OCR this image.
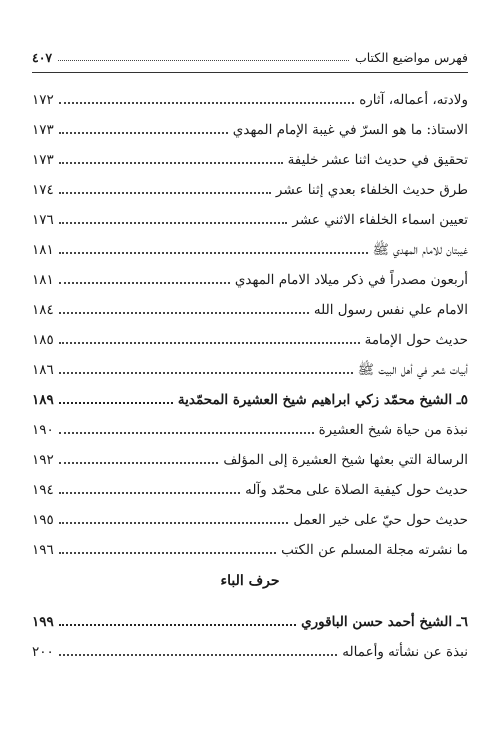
فهرس مواضيع الكتاب
٤٠٧
ولادته، أعماله، آثاره
١٧٢
الاستاذ: ما هو السرّ في غيبة الإمام المهدي
١٧٣
تحقيق في حديث اثنا عشر خليفة
١٧٣
طرق حديث الخلفاء بعدي إثنا عشر
١٧٤
تعيين اسماء الخلفاء الاثني عشر
١٧٦
غيبتان للامام المهدي ﷺ
١٨١
أربعون مصدراً في ذكر ميلاد الامام المهدي
١٨١
الامام علي نفس رسول الله
١٨٤
حديث حول الإمامة
١٨٥
أبيات شعر في أهل البيت ﷺ
١٨٦
٥ـ الشيخ محمّد زكي ابراهيم شيخ العشيرة المحمّدية
١٨٩
نبذة من حياة شيخ العشيرة
١٩٠
الرسالة التي بعثها شيخ العشيرة إلى المؤلف
١٩٢
حديث حول كيفية الصلاة على محمّد وآله
١٩٤
حديث حول حيّ على خير العمل
١٩٥
ما نشرته مجلة المسلم عن الكتب
١٩٦
حرف الباء
٦ـ الشيخ أحمد حسن الباقوري
١٩٩
نبذة عن نشأته وأعماله
٢٠٠
